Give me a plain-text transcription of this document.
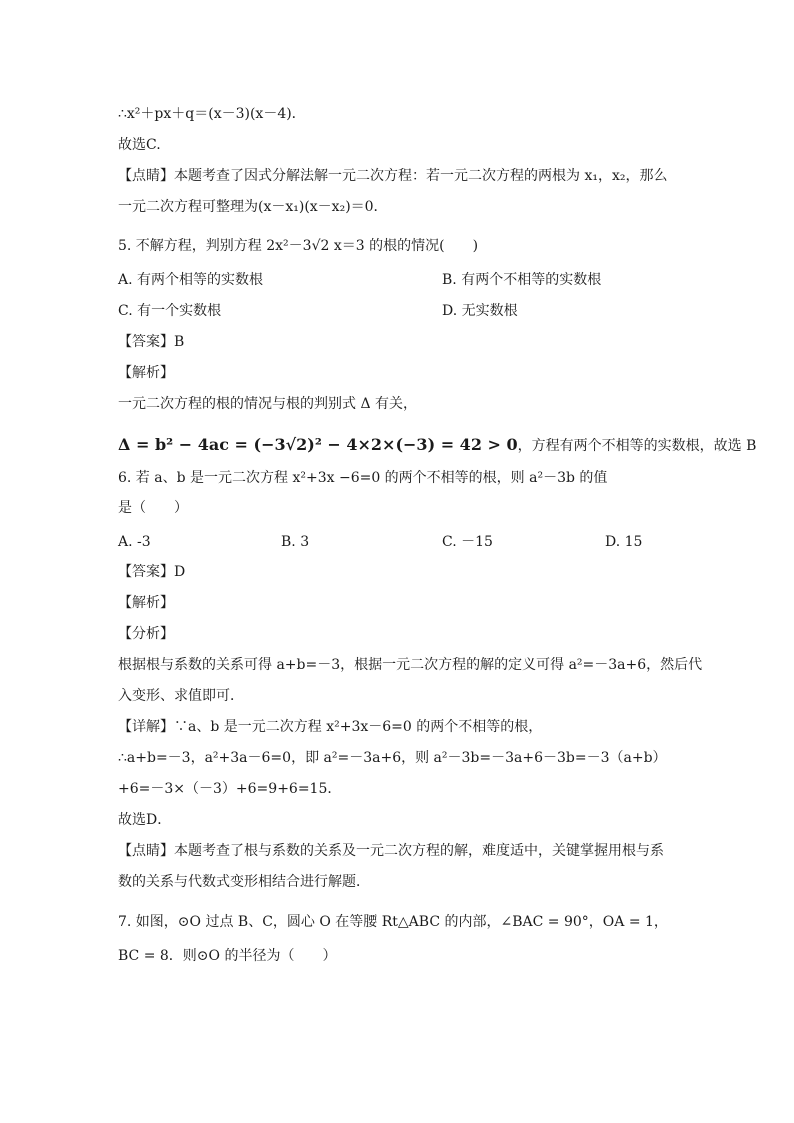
∴x²＋px＋q＝(x－3)(x－4)．
故选C.
【点睛】本题考查了因式分解法解一元二次方程：若一元二次方程的两根为 x₁，x₂，那么
一元二次方程可整理为(x－x₁)(x－x₂)＝0．
5. 不解方程，判别方程 2x²－3√2 x＝3 的根的情况(　　)
A. 有两个相等的实数根	B. 有两个不相等的实数根
C. 有一个实数根	D. 无实数根
【答案】B
【解析】
一元二次方程的根的情况与根的判别式 Δ 有关，
Δ = b² − 4ac = (−3√2)² − 4×2×(−3) = 42 > 0，方程有两个不相等的实数根，故选 B
6. 若 a、b 是一元二次方程 x²+3x −6=0 的两个不相等的根，则 a²－3b 的值
是（　　）
A. -3	B. 3	C. －15	D. 15
【答案】D
【解析】
【分析】
根据根与系数的关系可得 a+b=－3，根据一元二次方程的解的定义可得 a²=－3a+6，然后代
入变形、求值即可．
【详解】∵a、b 是一元二次方程 x²+3x－6=0 的两个不相等的根，
∴a+b=－3，a²+3a－6=0，即 a²=－3a+6，则 a²－3b=－3a+6－3b=－3（a+b）
+6=－3×（－3）+6=9+6=15．
故选D．
【点睛】本题考查了根与系数的关系及一元二次方程的解，难度适中，关键掌握用根与系
数的关系与代数式变形相结合进行解题．
7. 如图，⊙O 过点 B、C，圆心 O 在等腰 Rt△ABC 的内部，∠BAC = 90°，OA = 1，
BC = 8．则⊙O 的半径为（　　）
